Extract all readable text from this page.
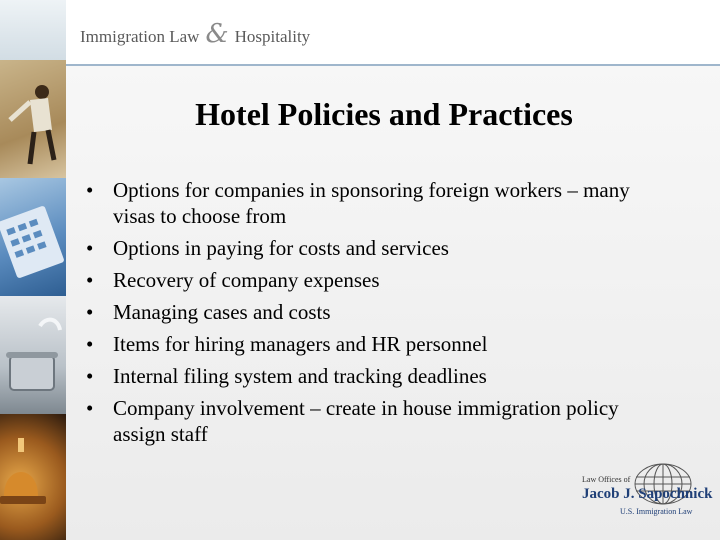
Immigration Law & Hospitality
Hotel Policies and Practices
• Options for companies in sponsoring foreign workers – many visas to choose from
• Options in paying for costs and services
• Recovery of company expenses
• Managing cases and costs
• Items for hiring managers and HR personnel
• Internal filing system and tracking deadlines
• Company involvement – create in house immigration policy assign staff
Law Offices of
Jacob J. Sapochnick
U.S. Immigration Law
